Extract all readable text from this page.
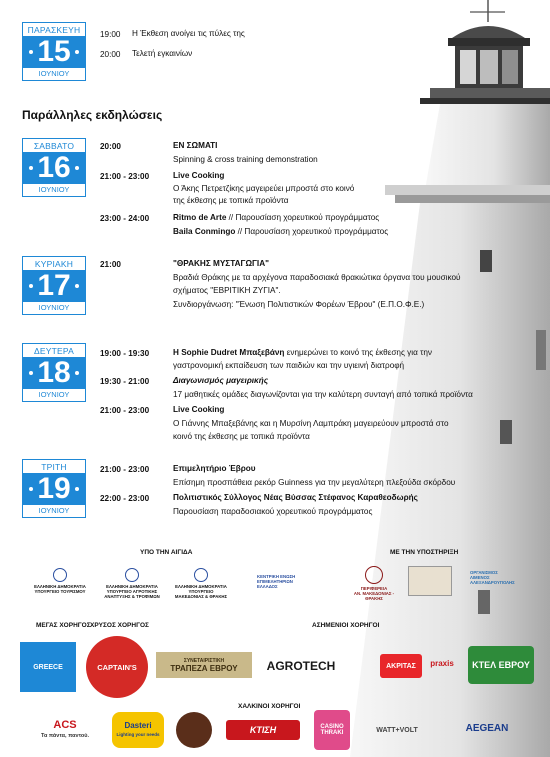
ΠΑΡΑΣΚΕΥΗ
15
ΙΟΥΝΙΟΥ
19:00 Η Έκθεση ανοίγει τις πύλες της
20:00 Τελετή εγκαινίων
Παράλληλες εκδηλώσεις
ΣΑΒΒΑΤΟ
16
ΙΟΥΝΙΟΥ
20:00	ΕΝ ΣΩΜΑΤΙ
Spinning & cross training demonstration
21:00 - 23:00	Live Cooking
Ο Άκης Πετρετζίκης μαγειρεύει μπροστά στο κοινό
της έκθεσης με τοπικά προϊόντα
23:00 - 24:00	Ritmo de Arte // Παρουσίαση χορευτικού προγράμματος
Baila Conmingo // Παρουσίαση χορευτικού προγράμματος
ΚΥΡΙΑΚΗ
17
ΙΟΥΝΙΟΥ
21:00	"ΘΡΑΚΗΣ ΜΥΣΤΑΓΩΓΙΑ"
Βραδιά Θράκης με τα αρχέγονα παραδοσιακά θρακιώτικα όργανα του μουσικού
σχήματος "ΕΒΡΙΤΙΚΗ ΖΥΓΙΑ".
Συνδιοργάνωση: "Ένωση Πολιτιστικών Φορέων Έβρου" (Ε.Π.Ο.Φ.Ε.)
ΔΕΥΤΕΡΑ
18
ΙΟΥΝΙΟΥ
19:00 - 19:30	Η Sophie Dudret Μπαξεβάνη ενημερώνει το κοινό της έκθεσης για την
γαστρονομική εκπαίδευση των παιδιών και την υγιεινή διατροφή
19:30 - 21:00	Διαγωνισμός μαγειρικής
17 μαθητικές ομάδες διαγωνίζονται για την καλύτερη συνταγή από τοπικά προϊόντα
21:00 - 23:00	Live Cooking
Ο Γιάννης Μπαξεβάνης και η Μυρσίνη Λαμπράκη μαγειρεύουν μπροστά στο
κοινό της έκθεσης με τοπικά προϊόντα
ΤΡΙΤΗ
19
ΙΟΥΝΙΟΥ
21:00 - 23:00	Επιμελητήριο Έβρου
Επίσημη προσπάθεια ρεκόρ Guinness για την μεγαλύτερη πλεξούδα σκόρδου
22:00 - 23:00	Πολιτιστικός Σύλλογος Νέας Βύσσας Στέφανος Καραθεοδωρής
Παρουσίαση παραδοσιακού χορευτικού προγράμματος
ΥΠΟ ΤΗΝ ΑΙΓΙΔΑ	ΜΕ ΤΗΝ ΥΠΟΣΤΗΡΙΞΗ
ΕΛΛΗΝΙΚΗ ΔΗΜΟΚΡΑΤΙΑ
ΥΠΟΥΡΓΕΙΟ ΤΟΥΡΙΣΜΟΥ
ΕΛΛΗΝΙΚΗ ΔΗΜΟΚΡΑΤΙΑ
ΥΠΟΥΡΓΕΙΟ ΑΓΡΟΤΙΚΗΣ
ΑΝΑΠΤΥΞΗΣ & ΤΡΟΦΙΜΩΝ
ΕΛΛΗΝΙΚΗ ΔΗΜΟΚΡΑΤΙΑ
ΥΠΟΥΡΓΕΙΟ
ΜΑΚΕΔΟΝΙΑΣ & ΘΡΑΚΗΣ
ΚΕΝΤΡΙΚΗ ΕΝΩΣΗ
ΕΠΙΜΕΛΗΤΗΡΙΩΝ
ΕΛΛΑΔΟΣ	ΠΕΡΙΦΕΡΕΙΑ
ΑΝ. ΜΑΚΕΔΟΝΙΑΣ - ΘΡΑΚΗΣ
ΟΡΓΑΝΙΣΜΟΣ
ΛΙΜΕΝΟΣ
ΑΛΕΞΑΝΔΡΟΥΠΟΛΗΣ
ΜΕΓΑΣ ΧΟΡΗΓΟΣ ΧΡΥΣΟΣ ΧΟΡΗΓΟΣ	ΑΣΗΜΕΝΙΟΙ ΧΟΡΗΓΟΙ
GREECE	CAPTAIN'S
ΣΥΝΕΤΑΙΡΙΣΤΙΚΗ
ΤΡΑΠΕΖΑ ΕΒΡΟΥ AGROTECH	ΑΚΡΙΤΑΣ praxis ΚΤΕΛ ΕΒΡΟΥ
ΧΑΛΚΙΝΟΙ ΧΟΡΗΓΟΙ
ACS
Τα πάντα, παντού.
Dasteri
Lighting your needs	ΚΤΙΣΗ	CASINO THRAKI	WATT+VOLT	AEGEAN
